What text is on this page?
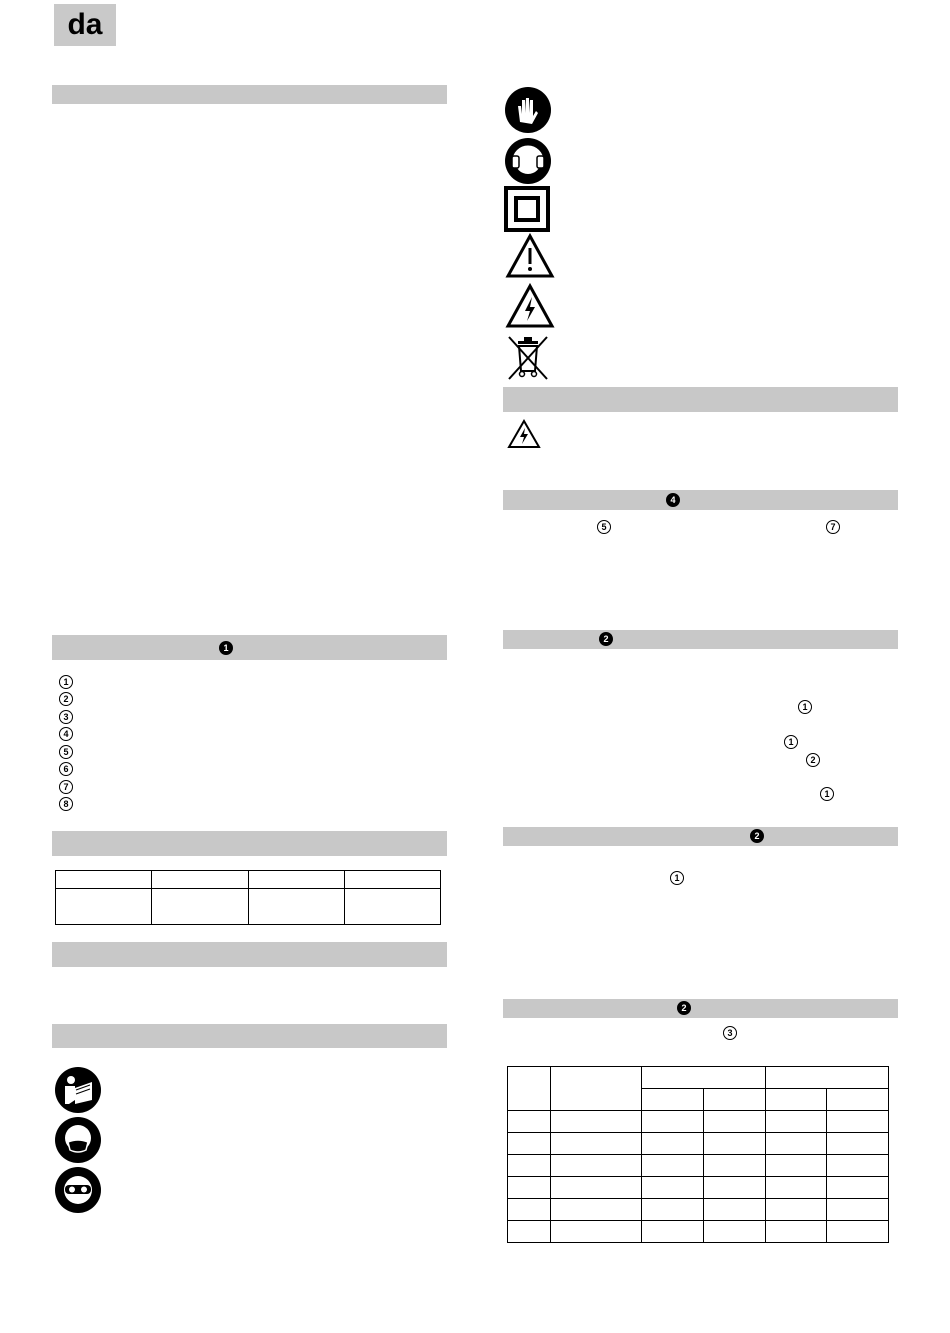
da
1
1
2
3
4
5
6
7
8

4
5	7
2
1
1
2
1
2
1
2
3
